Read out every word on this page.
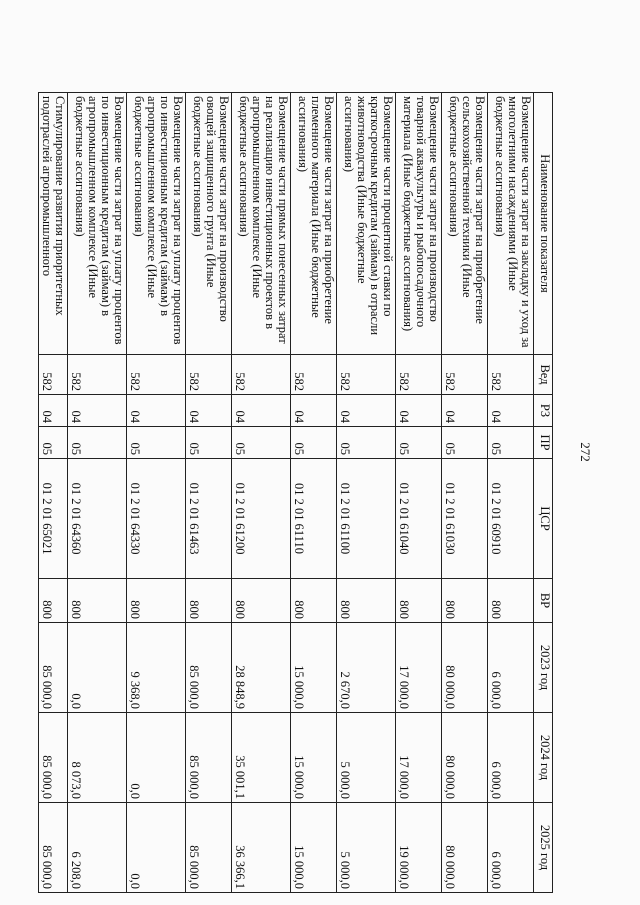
272
Наименование показателя	Вед	РЗ	ПР	ЦСР	ВР	2023 год	2024 год	2025 год
Возмещение части затрат на закладку и уход за многолетними насаждениями (Иные бюджетные ассигнования)	582	04	05	01 2 01 60910	800	6 000,0	6 000,0	6 000,0
Возмещение части затрат на приобретение сельскохозяйственной техники (Иные бюджетные ассигнования)	582	04	05	01 2 01 61030	800	80 000,0	80 000,0	80 000,0
Возмещение части затрат на производство товарной аквакультуры и рыбопосадочного материала (Иные бюджетные ассигнования)	582	04	05	01 2 01 61040	800	17 000,0	17 000,0	19 000,0
Возмещение части процентной ставки по краткосрочным кредитам (займам) в отрасли животноводства (Иные бюджетные ассигнования)	582	04	05	01 2 01 61100	800	2 670,0	5 000,0	5 000,0
Возмещение части затрат на приобретение племенного материала (Иные бюджетные ассигнования)	582	04	05	01 2 01 61110	800	15 000,0	15 000,0	15 000,0
Возмещение части прямых понесенных затрат на реализацию инвестиционных проектов в агропромышленном комплексе (Иные бюджетные ассигнования)	582	04	05	01 2 01 61200	800	28 848,9	35 001,1	36 366,1
Возмещение части затрат на производство овощей защищенного грунта (Иные бюджетные ассигнования)	582	04	05	01 2 01 61463	800	85 000,0	85 000,0	85 000,0
Возмещение части затрат на уплату процентов по инвестиционным кредитам (займам) в агропромышленном комплексе (Иные бюджетные ассигнования)	582	04	05	01 2 01 64330	800	9 368,0	0,0	0,0
Возмещение части затрат на уплату процентов по инвестиционным кредитам (займам) в агропромышленном комплексе (Иные бюджетные ассигнования)	582	04	05	01 2 01 64360	800	0,0	8 073,0	6 208,0
Стимулирование развития приоритетных подотраслей агропромышленного	582	04	05	01 2 01 65021	800	85 000,0	85 000,0	85 000,0
